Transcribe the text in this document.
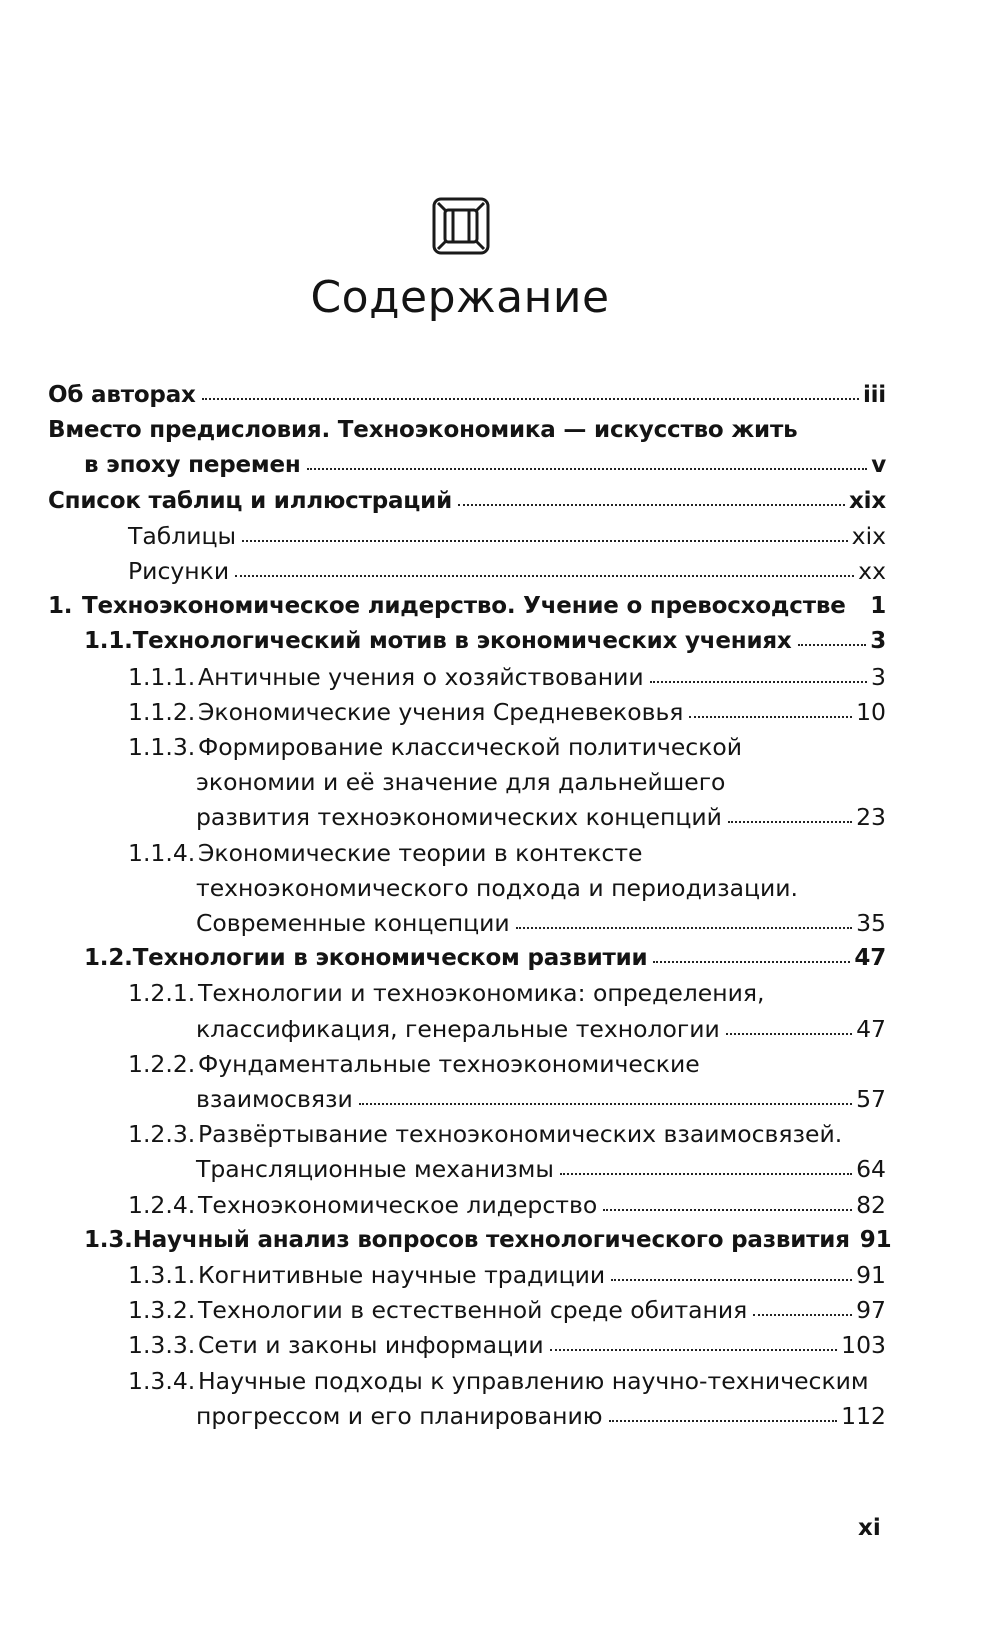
Содержание
Об авторах	iii
Вместо предисловия. Техноэкономика — искусство жить
в эпоху перемен	v
Список таблиц и иллюстраций	xix
Таблицы	xix
Рисунки	xx
1. Техноэкономическое лидерство. Учение о превосходстве 1
1.1. Технологический мотив в экономических учениях	3
1.1.1. Античные учения о хозяйствовании	3
1.1.2. Экономические учения Средневековья	10
1.1.3. Формирование классической политической
экономии и её значение для дальнейшего
развития техноэкономических концепций	23
1.1.4. Экономические теории в контексте
техноэкономического подхода и периодизации.
Современные концепции	35
1.2. Технологии в экономическом развитии	47
1.2.1. Технологии и техноэкономика: определения,
классификация, генеральные технологии	47
1.2.2. Фундаментальные техноэкономические
взаимосвязи	57
1.2.3. Развёртывание техноэкономических взаимосвязей.
Трансляционные механизмы	64
1.2.4. Техноэкономическое лидерство	82
1.3. Научный анализ вопросов технологического развития 91
1.3.1. Когнитивные научные традиции	91
1.3.2. Технологии в естественной среде обитания	97
1.3.3. Сети и законы информации	103
1.3.4. Научные подходы к управлению научно-техническим
прогрессом и его планированию	112
xi
